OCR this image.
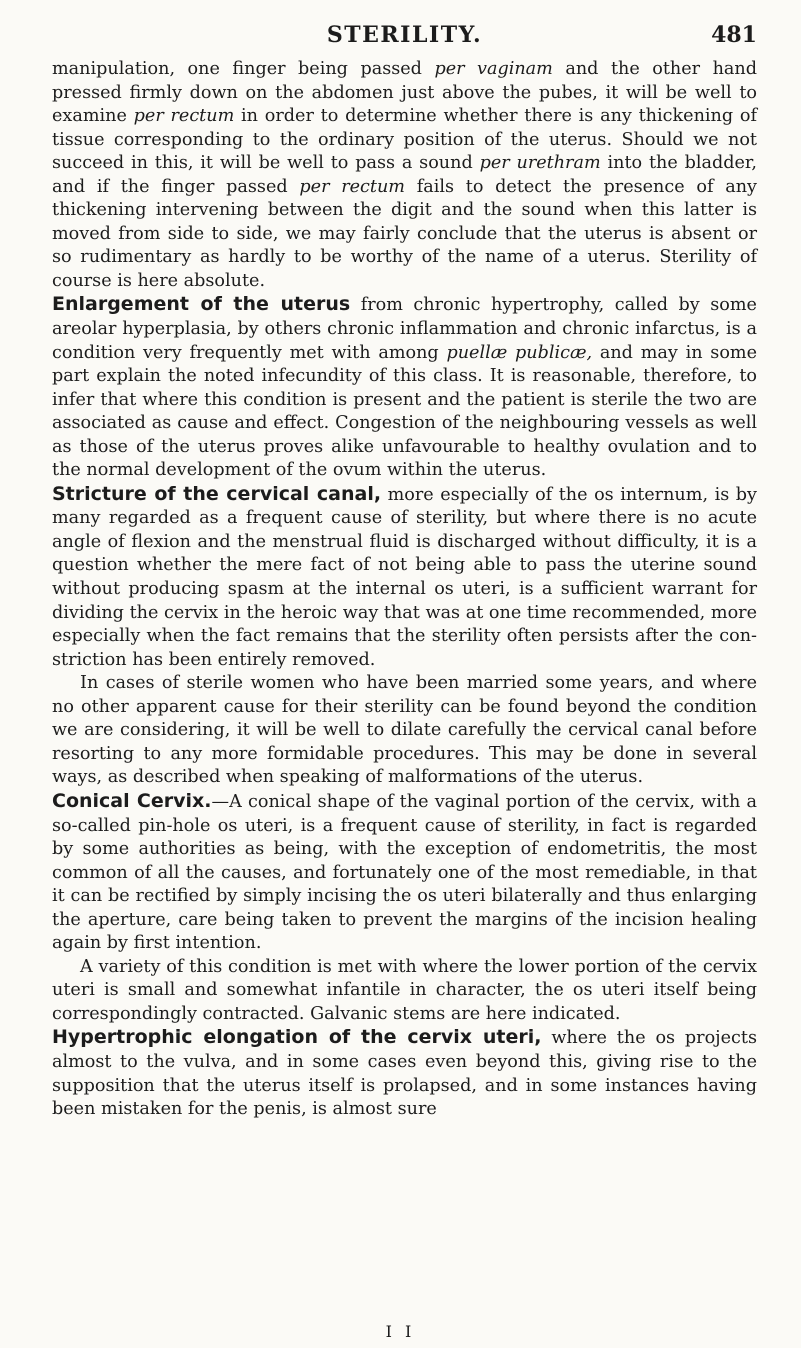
STERILITY.	481

manipulation, one finger being passed per vaginam and the other hand pressed firmly down on the abdomen just above the pubes, it will be well to examine per rectum in order to determine whether there is any thickening of tissue corresponding to the ordinary position of the uterus. Should we not succeed in this, it will be well to pass a sound per urethram into the bladder, and if the finger passed per rectum fails to detect the presence of any thickening intervening between the digit and the sound when this latter is moved from side to side, we may fairly conclude that the uterus is absent or so rudimentary as hardly to be worthy of the name of a uterus. Sterility of course is here absolute.

Enlargement of the uterus from chronic hypertrophy, called by some areolar hyperplasia, by others chronic inflammation and chronic infarctus, is a condition very frequently met with among puellæ publicæ, and may in some part explain the noted infecundity of this class. It is reasonable, therefore, to infer that where this condition is present and the patient is sterile the two are associated as cause and effect. Congestion of the neighbouring vessels as well as those of the uterus proves alike unfavourable to healthy ovulation and to the normal development of the ovum within the uterus.

Stricture of the cervical canal, more especially of the os internum, is by many regarded as a frequent cause of sterility, but where there is no acute angle of flexion and the menstrual fluid is discharged without difficulty, it is a question whether the mere fact of not being able to pass the uterine sound without producing spasm at the internal os uteri, is a sufficient warrant for dividing the cervix in the heroic way that was at one time recommended, more especially when the fact remains that the sterility often persists after the con-striction has been entirely removed.

In cases of sterile women who have been married some years, and where no other apparent cause for their sterility can be found beyond the condition we are considering, it will be well to dilate carefully the cervical canal before resorting to any more formidable procedures. This may be done in several ways, as described when speaking of malformations of the uterus.

Conical Cervix.—A conical shape of the vaginal portion of the cervix, with a so-called pin-hole os uteri, is a frequent cause of sterility, in fact is regarded by some authorities as being, with the exception of endometritis, the most common of all the causes, and fortunately one of the most remediable, in that it can be rectified by simply incising the os uteri bilaterally and thus enlarging the aperture, care being taken to prevent the margins of the incision healing again by first intention.

A variety of this condition is met with where the lower portion of the cervix uteri is small and somewhat infantile in character, the os uteri itself being correspondingly contracted. Galvanic stems are here indicated.

Hypertrophic elongation of the cervix uteri, where the os projects almost to the vulva, and in some cases even beyond this, giving rise to the supposition that the uterus itself is prolapsed, and in some instances having been mistaken for the penis, is almost sure

I I
